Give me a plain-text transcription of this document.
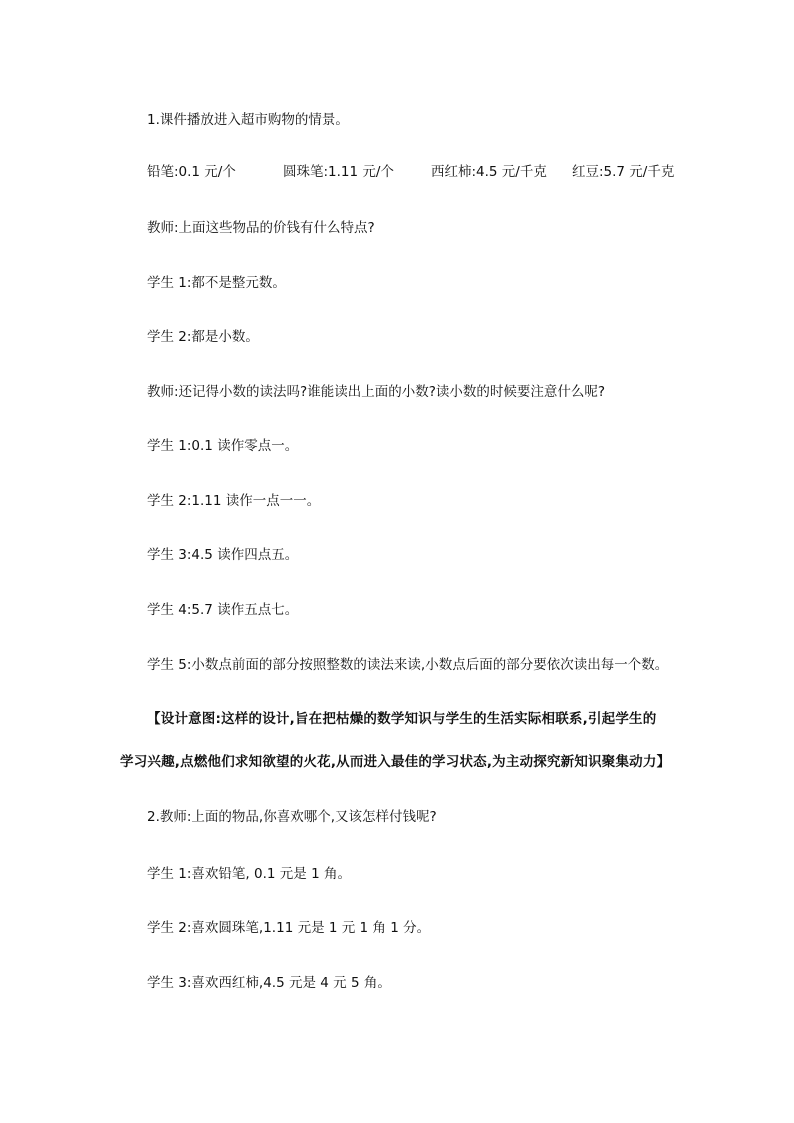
1.课件播放进入超市购物的情景。
铅笔:0.1 元/个	圆珠笔:1.11 元/个	西红柿:4.5 元/千克 红豆:5.7 元/千克
教师:上面这些物品的价钱有什么特点?
学生 1:都不是整元数。
学生 2:都是小数。
教师:还记得小数的读法吗?谁能读出上面的小数?读小数的时候要注意什么呢?
学生 1:0.1 读作零点一。
学生 2:1.11 读作一点一一。
学生 3:4.5 读作四点五。
学生 4:5.7 读作五点七。
学生 5:小数点前面的部分按照整数的读法来读,小数点后面的部分要依次读出每一个数。
【设计意图:这样的设计,旨在把枯燥的数学知识与学生的生活实际相联系,引起学生的
学习兴趣,点燃他们求知欲望的火花,从而进入最佳的学习状态,为主动探究新知识聚集动力】
2.教师:上面的物品,你喜欢哪个,又该怎样付钱呢?
学生 1:喜欢铅笔, 0.1 元是 1 角。
学生 2:喜欢圆珠笔,1.11 元是 1 元 1 角 1 分。
学生 3:喜欢西红柿,4.5 元是 4 元 5 角。
